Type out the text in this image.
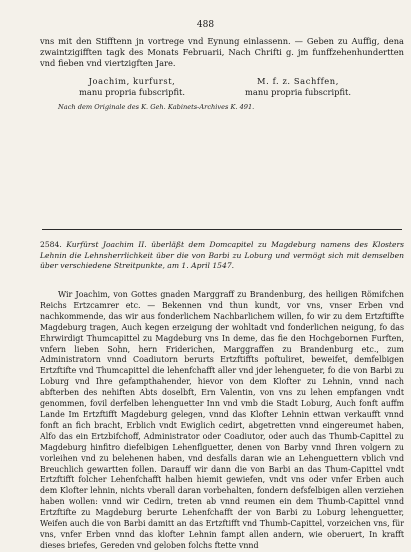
488

vns mit den Stifftenn jn vortrege vnd Eynung einlassenn. — Geben zu Auffig, dena zwaintzigifften tagk des Monats Februarii, Nach Chrifti g. jm funffzehenhundertten vnd fieben vnd viertzigften Jare.

Joachim, kurfurst,
manu propria fubscripfit.
M. f. z. Sachffen,
manu propria fubscripfit.
Nach dem Originale des K. Geh. Kabinets-Archives K. 491.
2584. Kurfürst Joachim II. überläßt dem Domcapitel zu Magdeburg namens des Klosters Lehnin die Lehnsherrlichkeit über die von Barbi zu Loburg und vermögt sich mit demselben über verschiedene Streitpunkte, am 1. April 1547.

Wir Joachim, von Gottes gnaden Marggraff zu Brandenburg, des heiligen Römifchen Reichs Ertzcamrer etc. — Bekennen vnd thun kundt, vor vns, vnser Erben vnd nachkommende, das wir aus fonderlichem Nachbarlichem willen, fo wir zu dem Ertzftiffte Magdeburg tragen, Auch kegen erzeigung der wohltadt vnd fonderlichen neigung, fo das Ehrwirdigt Thumcapittel zu Magdeburg vns In deme, das fie den Hochgebornen Furften, vnfern lieben Sohn, hern Friderichen, Marggraffen zu Brandenburg etc., zum Administratorn vnnd Coadiutorn berurts Ertzftiffts poftuliret, beweifet, demfelbigen Ertzftifte vnd Thumcapittel die lehenfchafft aller vnd jder lehengueter, fo die von Barbi zu Loburg vnd Ihre gefampthahender, hievor von dem Klofter zu Lehnin, vnnd nach abfterben des nehiften Abts doselbft, Ern Valentin, von vns zu lehen empfangen vndt genommen, fovil derfelben lehenguetter Inn vnd vmb die Stadt Loburg, Auch fonft auffm Lande Im Ertzftifft Magdeburg gelegen, vnnd das Klofter Lehnin ettwan verkaufft vnnd fonft an fich bracht, Erblich vndt Ewiglich cedirt, abgetretten vnnd eingereumet haben, Alfo das ein Ertzbifchoff, Administrator oder Coadiutor, oder auch das Thumb-Capittel zu Magdeburg hinfitro diefelbigen Lehenflguetter, denen von Barby vnnd Ihren volgern zu vorleihen vnd zu belehenen haben, vnd desfalls daran wie an Lehenguettern vblich vnd Breuchlich gewartten follen. Darauff wir dann die von Barbi an das Thum-Capittel vndt Ertzftifft folcher Lehenfchafft halben hiemit gewiefen, vndt vns oder vnfer Erben auch dem Klofter lehnin, nichts vberall daran vorbehalten, fondern defsfelbigen allen verziehen haben wollen: vnnd wir Cedirn, treten ab vnnd reumen ein dem Thumb-Capittel vnnd Ertzftifte zu Magdeburg berurte Lehenfchafft der von Barbi zu Loburg lehenguetter, Weifen auch die von Barbi damitt an das Ertzftifft vnd Thumb-Capittel, vorzeichen vns, für vns, vnfer Erben vnnd das klofter Lehnin fampt allen andern, wie oberuert, In krafft dieses briefes, Gereden vnd geloben folchs ftette vnnd
